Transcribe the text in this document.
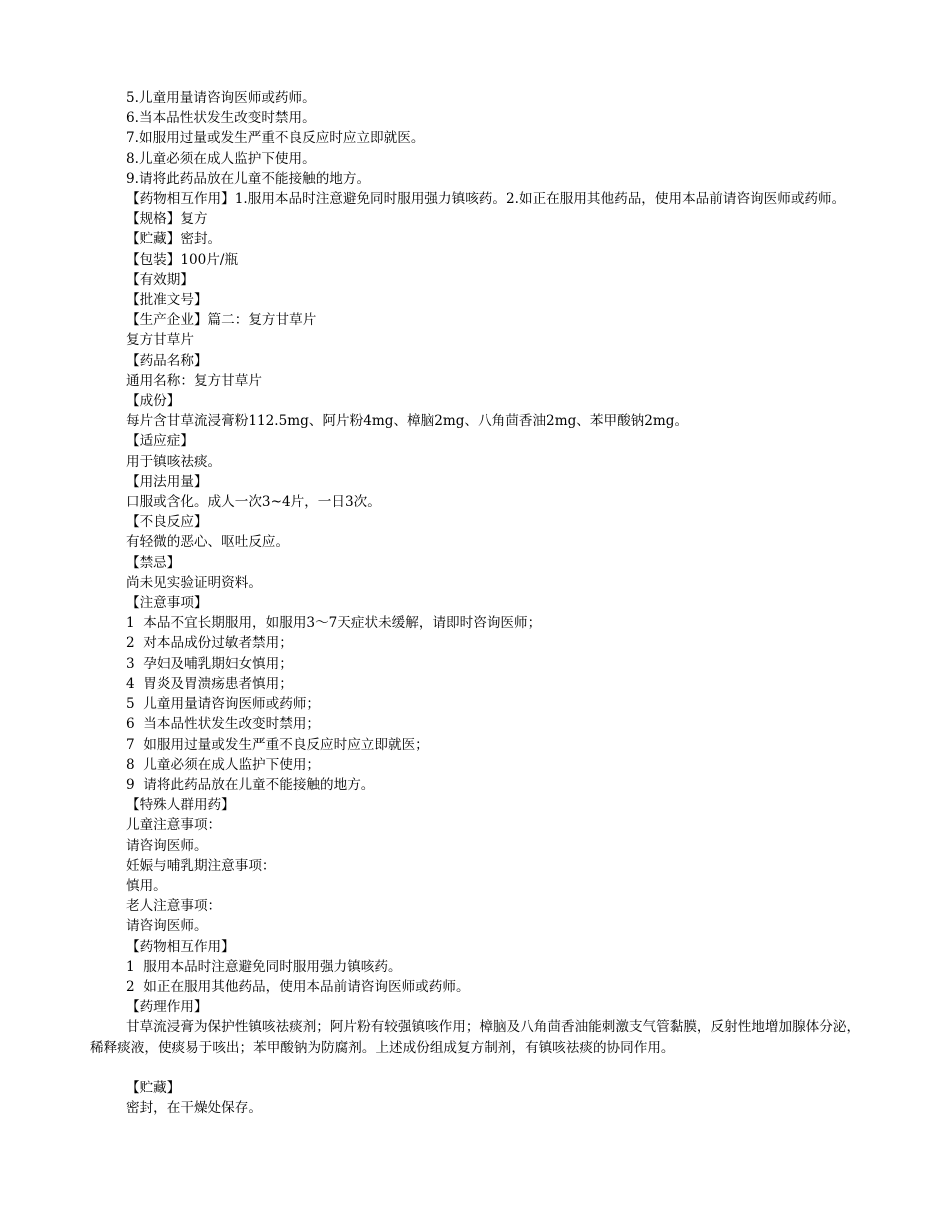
5.儿童用量请咨询医师或药师。

6.当本品性状发生改变时禁用。

7.如服用过量或发生严重不良反应时应立即就医。

8.儿童必须在成人监护下使用。

9.请将此药品放在儿童不能接触的地方。

【药物相互作用】1.服用本品时注意避免同时服用强力镇咳药。2.如正在服用其他药品，使用本品前请咨询医师或药师。

【规格】复方

【贮藏】密封。

【包装】100片/瓶

【有效期】

【批准文号】

【生产企业】篇二：复方甘草片

复方甘草片

【药品名称】

通用名称：复方甘草片

【成份】

每片含甘草流浸膏粉112.5mg、阿片粉4mg、樟脑2mg、八角茴香油2mg、苯甲酸钠2mg。

【适应症】

用于镇咳祛痰。

【用法用量】

口服或含化。成人一次3~4片，一日3次。

【不良反应】

有轻微的恶心、呕吐反应。

【禁忌】

尚未见实验证明资料。

【注意事项】

1  本品不宜长期服用，如服用3～7天症状未缓解，请即时咨询医师；

2  对本品成份过敏者禁用；

3  孕妇及哺乳期妇女慎用；

4  胃炎及胃溃疡患者慎用；

5  儿童用量请咨询医师或药师；

6  当本品性状发生改变时禁用；

7  如服用过量或发生严重不良反应时应立即就医；

8  儿童必须在成人监护下使用；

9  请将此药品放在儿童不能接触的地方。

【特殊人群用药】

儿童注意事项：

请咨询医师。

妊娠与哺乳期注意事项：

慎用。

老人注意事项：

请咨询医师。

【药物相互作用】

1  服用本品时注意避免同时服用强力镇咳药。

2  如正在服用其他药品，使用本品前请咨询医师或药师。

【药理作用】

甘草流浸膏为保护性镇咳祛痰剂；阿片粉有较强镇咳作用；樟脑及八角茴香油能刺激支气管黏膜，反射性地增加腺体分泌，稀释痰液，使痰易于咳出；苯甲酸钠为防腐剂。上述成份组成复方制剂，有镇咳祛痰的协同作用。

【贮藏】

密封，在干燥处保存。
